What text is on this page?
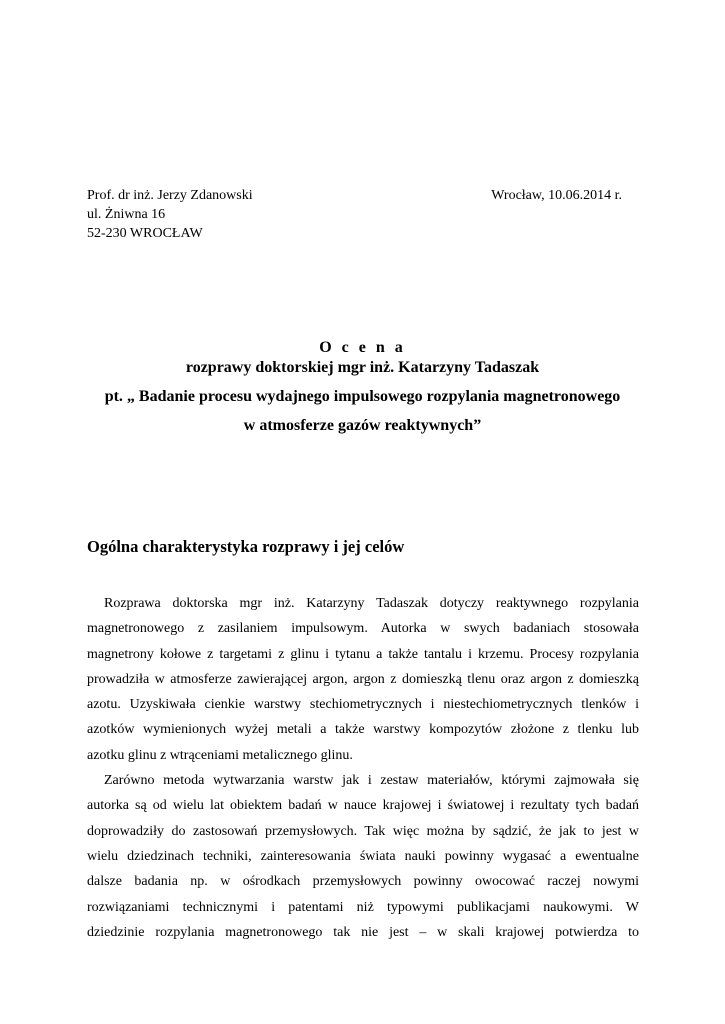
Prof. dr inż. Jerzy Zdanowski
ul. Żniwna 16
52-230 WROCŁAW
Wrocław, 10.06.2014 r.
O c e n a
rozprawy doktorskiej mgr inż. Katarzyny Tadaszak
pt. „ Badanie procesu wydajnego impulsowego rozpylania magnetronowego
w atmosferze gazów reaktywnych”
Ogólna charakterystyka rozprawy i jej celów
Rozprawa doktorska mgr inż. Katarzyny Tadaszak dotyczy reaktywnego rozpylania
magnetronowego z zasilaniem impulsowym. Autorka w swych badaniach stosowała
magnetrony kołowe z targetami z glinu i tytanu a także tantalu i krzemu. Procesy rozpylania
prowadziła w atmosferze zawierającej argon, argon z domieszką tlenu oraz argon z domieszką
azotu. Uzyskiwała cienkie warstwy stechiometrycznych i niestechiometrycznych tlenków i
azotków wymienionych wyżej metali a także warstwy kompozytów złożone z tlenku lub
azotku glinu z wtrąceniami metalicznego glinu.
Zarówno metoda wytwarzania warstw jak i zestaw materiałów, którymi zajmowała się
autorka są od wielu lat obiektem badań w nauce krajowej i światowej i rezultaty tych badań
doprowadziły do zastosowań przemysłowych. Tak więc można by sądzić, że jak to jest w
wielu dziedzinach techniki, zainteresowania świata nauki powinny wygasać a ewentualne
dalsze badania np. w ośrodkach przemysłowych powinny owocować raczej nowymi
rozwiązaniami technicznymi i patentami niż typowymi publikacjami naukowymi. W
dziedzinie rozpylania magnetronowego tak nie jest – w skali krajowej potwierdza to
